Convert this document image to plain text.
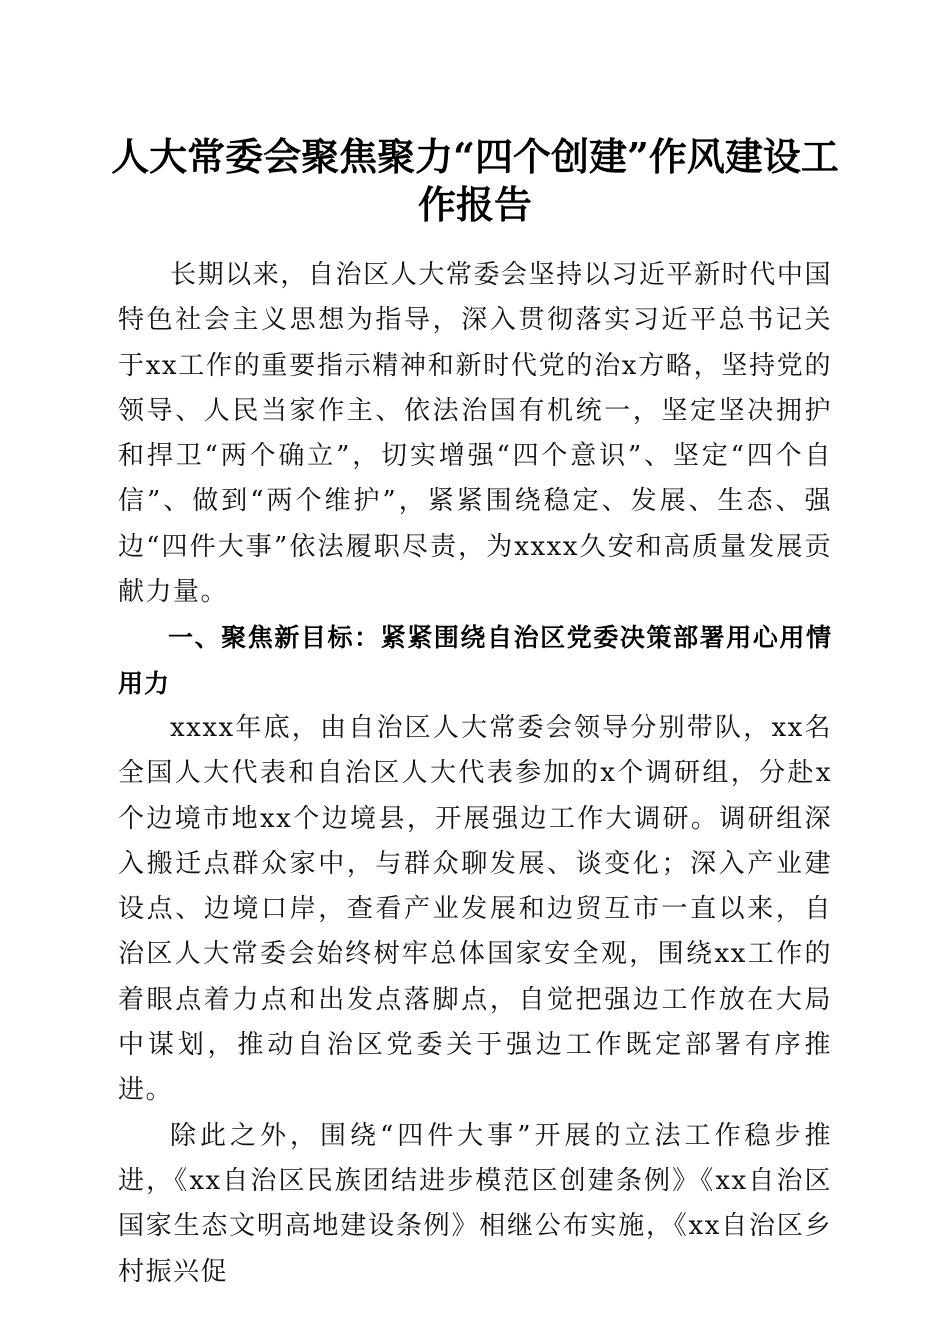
人大常委会聚焦聚力“四个创建”作风建设工作报告

长期以来，自治区人大常委会坚持以习近平新时代中国特色社会主义思想为指导，深入贯彻落实习近平总书记关于xx工作的重要指示精神和新时代党的治x方略，坚持党的领导、人民当家作主、依法治国有机统一，坚定坚决拥护和捍卫“两个确立”，切实增强“四个意识”、坚定“四个自信”、做到“两个维护”，紧紧围绕稳定、发展、生态、强边“四件大事”依法履职尽责，为xxxx久安和高质量发展贡献力量。

一、聚焦新目标：紧紧围绕自治区党委决策部署用心用情用力

xxxx年底，由自治区人大常委会领导分别带队，xx名全国人大代表和自治区人大代表参加的x个调研组，分赴x个边境市地xx个边境县，开展强边工作大调研。调研组深入搬迁点群众家中，与群众聊发展、谈变化；深入产业建设点、边境口岸，查看产业发展和边贸互市一直以来，自治区人大常委会始终树牢总体国家安全观，围绕xx工作的着眼点着力点和出发点落脚点，自觉把强边工作放在大局中谋划，推动自治区党委关于强边工作既定部署有序推进。

除此之外，围绕“四件大事”开展的立法工作稳步推进，《xx自治区民族团结进步模范区创建条例》《xx自治区国家生态文明高地建设条例》相继公布实施，《xx自治区乡村振兴促
